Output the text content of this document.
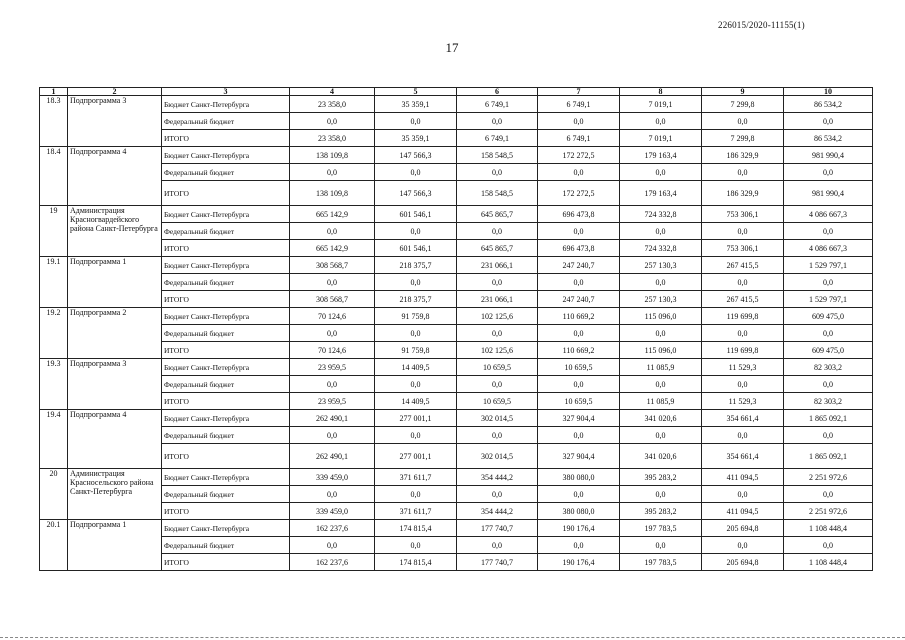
226015/2020-11155(1)
17
1	2	3	4	5	6	7	8	9	10
18.3	Подпрограмма 3	Бюджет Санкт-Петербурга	23 358,0	35 359,1	6 749,1	6 749,1	7 019,1	7 299,8	86 534,2
		Федеральный бюджет	0,0	0,0	0,0	0,0	0,0	0,0	0,0
		ИТОГО	23 358,0	35 359,1	6 749,1	6 749,1	7 019,1	7 299,8	86 534,2
18.4	Подпрограмма 4	Бюджет Санкт-Петербурга	138 109,8	147 566,3	158 548,5	172 272,5	179 163,4	186 329,9	981 990,4
		Федеральный бюджет	0,0	0,0	0,0	0,0	0,0	0,0	0,0
		ИТОГО	138 109,8	147 566,3	158 548,5	172 272,5	179 163,4	186 329,9	981 990,4
19	Администрация Красногвардейского района Санкт-Петербурга	Бюджет Санкт-Петербурга	665 142,9	601 546,1	645 865,7	696 473,8	724 332,8	753 306,1	4 086 667,3
		Федеральный бюджет	0,0	0,0	0,0	0,0	0,0	0,0	0,0
		ИТОГО	665 142,9	601 546,1	645 865,7	696 473,8	724 332,8	753 306,1	4 086 667,3
19.1	Подпрограмма 1	Бюджет Санкт-Петербурга	308 568,7	218 375,7	231 066,1	247 240,7	257 130,3	267 415,5	1 529 797,1
		Федеральный бюджет	0,0	0,0	0,0	0,0	0,0	0,0	0,0
		ИТОГО	308 568,7	218 375,7	231 066,1	247 240,7	257 130,3	267 415,5	1 529 797,1
19.2	Подпрограмма 2	Бюджет Санкт-Петербурга	70 124,6	91 759,8	102 125,6	110 669,2	115 096,0	119 699,8	609 475,0
		Федеральный бюджет	0,0	0,0	0,0	0,0	0,0	0,0	0,0
		ИТОГО	70 124,6	91 759,8	102 125,6	110 669,2	115 096,0	119 699,8	609 475,0
19.3	Подпрограмма 3	Бюджет Санкт-Петербурга	23 959,5	14 409,5	10 659,5	10 659,5	11 085,9	11 529,3	82 303,2
		Федеральный бюджет	0,0	0,0	0,0	0,0	0,0	0,0	0,0
		ИТОГО	23 959,5	14 409,5	10 659,5	10 659,5	11 085,9	11 529,3	82 303,2
19.4	Подпрограмма 4	Бюджет Санкт-Петербурга	262 490,1	277 001,1	302 014,5	327 904,4	341 020,6	354 661,4	1 865 092,1
		Федеральный бюджет	0,0	0,0	0,0	0,0	0,0	0,0	0,0
		ИТОГО	262 490,1	277 001,1	302 014,5	327 904,4	341 020,6	354 661,4	1 865 092,1
20	Администрация Красносельского района Санкт-Петербурга	Бюджет Санкт-Петербурга	339 459,0	371 611,7	354 444,2	380 080,0	395 283,2	411 094,5	2 251 972,6
		Федеральный бюджет	0,0	0,0	0,0	0,0	0,0	0,0	0,0
		ИТОГО	339 459,0	371 611,7	354 444,2	380 080,0	395 283,2	411 094,5	2 251 972,6
20.1	Подпрограмма 1	Бюджет Санкт-Петербурга	162 237,6	174 815,4	177 740,7	190 176,4	197 783,5	205 694,8	1 108 448,4
		Федеральный бюджет	0,0	0,0	0,0	0,0	0,0	0,0	0,0
		ИТОГО	162 237,6	174 815,4	177 740,7	190 176,4	197 783,5	205 694,8	1 108 448,4
